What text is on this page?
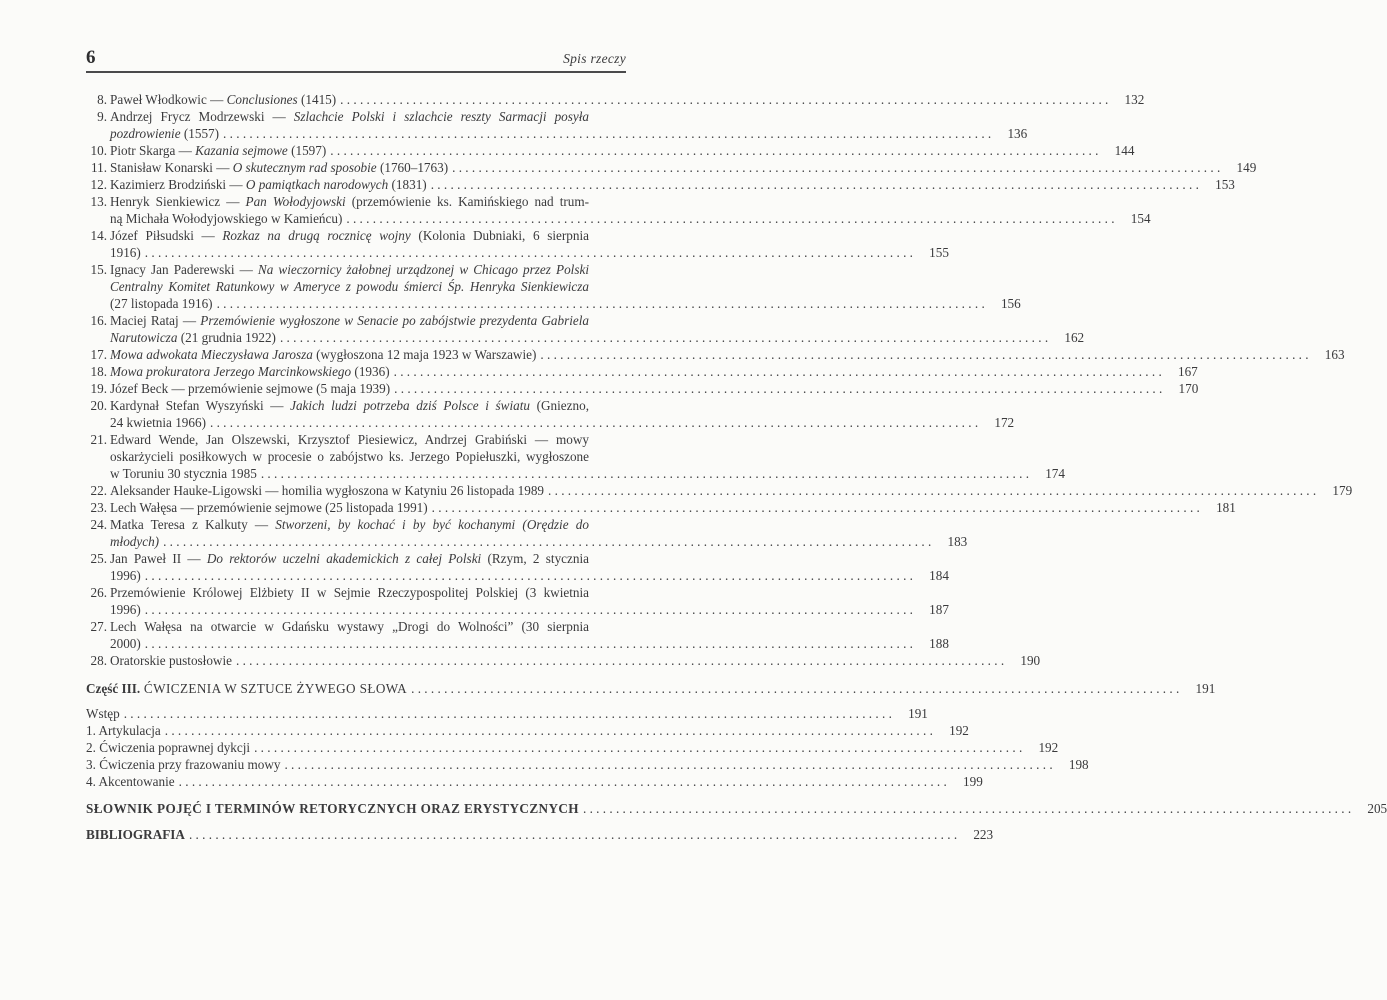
6	Spis rzeczy
8. Paweł Włodkowic — Conclusiones (1415) . . .	132
9. Andrzej Frycz Modrzewski — Szlachcie Polski i szlachcie reszty Sarmacji posyła
pozdrowienie (1557) . . .	136
10. Piotr Skarga — Kazania sejmowe (1597) . . .	144
11. Stanisław Konarski — O skutecznym rad sposobie (1760–1763) . . .	149
12. Kazimierz Brodziński — O pamiątkach narodowych (1831) . . .	153
13. Henryk Sienkiewicz — Pan Wołodyjowski (przemówienie ks. Kamińskiego nad trum-
ną Michała Wołodyjowskiego w Kamieńcu) . . .	154
14. Józef Piłsudski — Rozkaz na drugą rocznicę wojny (Kolonia Dubniaki, 6 sierpnia
1916) . . .	155
15. Ignacy Jan Paderewski — Na wieczornicy żałobnej urządzonej w Chicago przez Polski
Centralny Komitet Ratunkowy w Ameryce z powodu śmierci Śp. Henryka Sienkiewicza
(27 listopada 1916) . . .	156
16. Maciej Rataj — Przemówienie wygłoszone w Senacie po zabójstwie prezydenta Gabriela
Narutowicza (21 grudnia 1922) . . .	162
17. Mowa adwokata Mieczysława Jarosza (wygłoszona 12 maja 1923 w Warszawie) . . .	163
18. Mowa prokuratora Jerzego Marcinkowskiego (1936) . . .	167
19. Józef Beck — przemówienie sejmowe (5 maja 1939) . . .	170
20. Kardynał Stefan Wyszyński — Jakich ludzi potrzeba dziś Polsce i światu (Gniezno,
24 kwietnia 1966) . . .	172
21. Edward Wende, Jan Olszewski, Krzysztof Piesiewicz, Andrzej Grabiński — mowy
oskarżycieli posiłkowych w procesie o zabójstwo ks. Jerzego Popiełuszki, wygłoszone
w Toruniu 30 stycznia 1985 . . .	174
22. Aleksander Hauke-Ligowski — homilia wygłoszona w Katyniu 26 listopada 1989 . . .	179
23. Lech Wałęsa — przemówienie sejmowe (25 listopada 1991) . . .	181
24. Matka Teresa z Kalkuty — Stworzeni, by kochać i by być kochanymi (Orędzie do
młodych) . . .	183
25. Jan Paweł II — Do rektorów uczelni akademickich z całej Polski (Rzym, 2 stycznia
1996) . . .	184
26. Przemówienie Królowej Elżbiety II w Sejmie Rzeczypospolitej Polskiej (3 kwietnia
1996) . . .	187
27. Lech Wałęsa na otwarcie w Gdańsku wystawy „Drogi do Wolności” (30 sierpnia
2000) . . .	188
28. Oratorskie pustosłowie . . .	190
Część III. ĆWICZENIA W SZTUCE ŻYWEGO SŁOWA . . .	191
Wstęp . . .	191
1. Artykulacja . . .	192
2. Ćwiczenia poprawnej dykcji . . .	192
3. Ćwiczenia przy frazowaniu mowy . . .	198
4. Akcentowanie . . .	199
SŁOWNIK POJĘĆ I TERMINÓW RETORYCZNYCH ORAZ ERYSTYCZNYCH . . .	205
BIBLIOGRAFIA . . .	223
